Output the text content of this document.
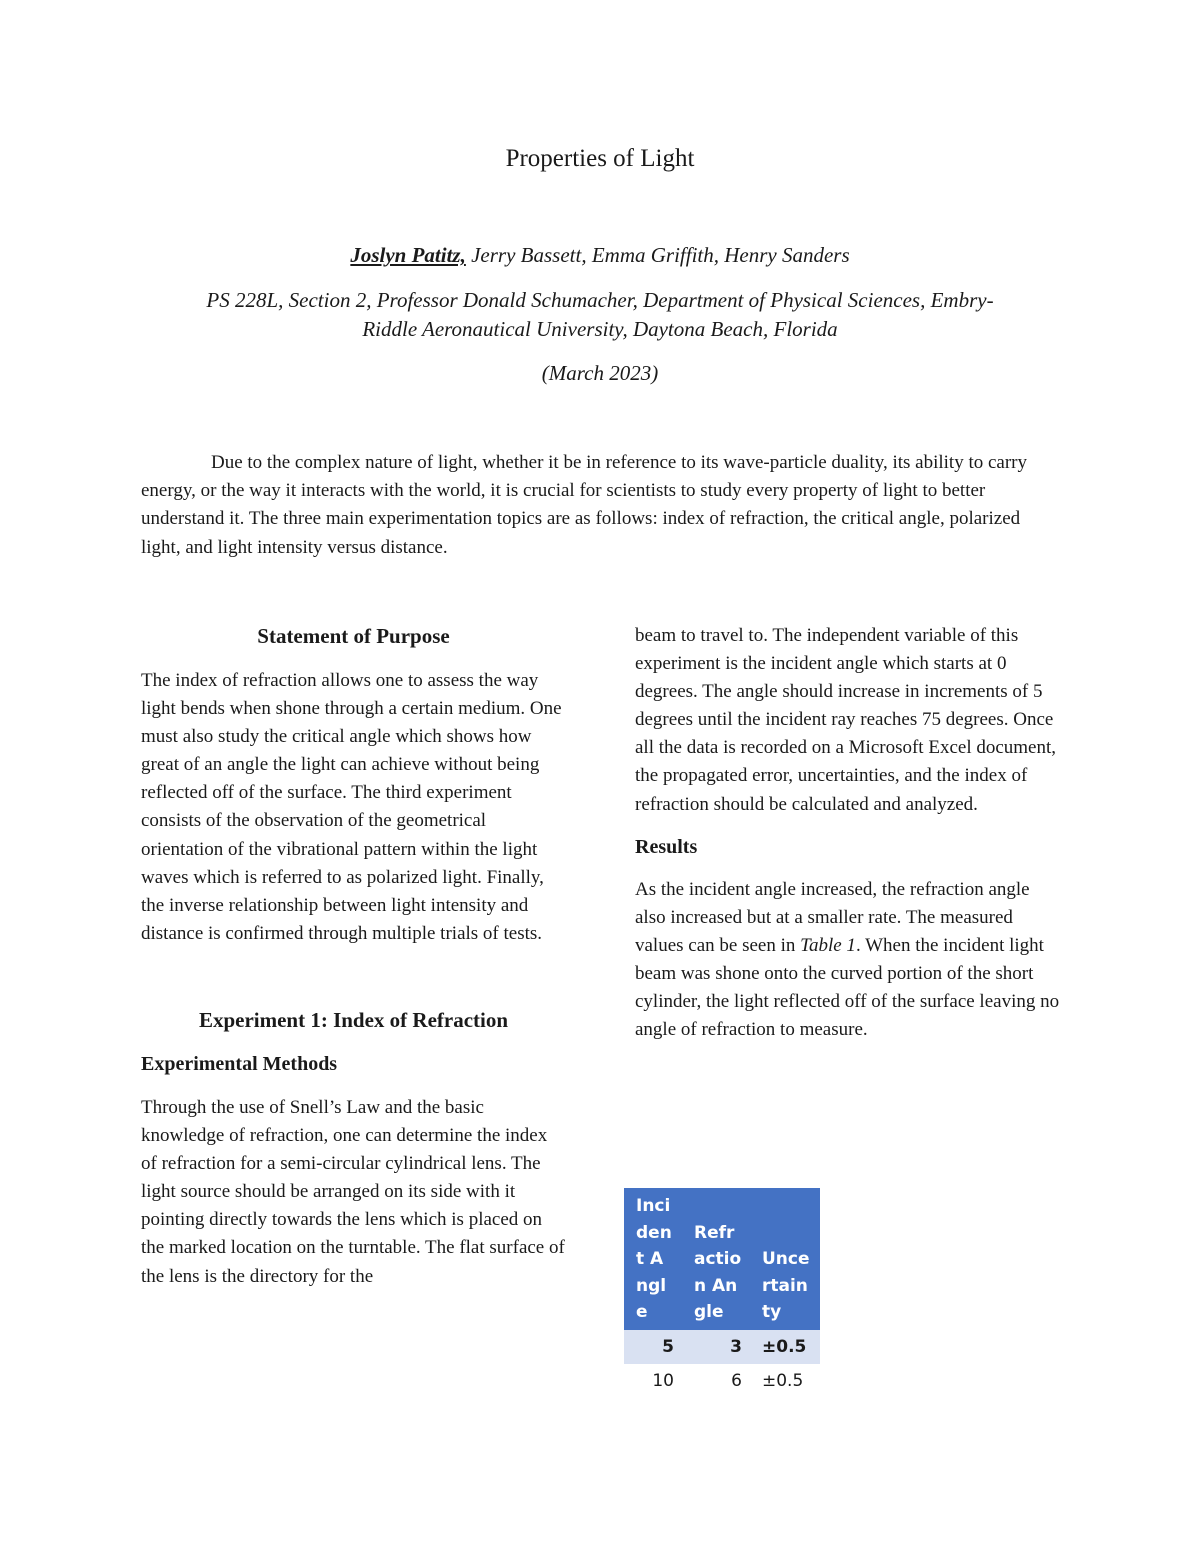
Properties of Light

Joslyn Patitz, Jerry Bassett, Emma Griffith, Henry Sanders

PS 228L, Section 2, Professor Donald Schumacher, Department of Physical Sciences, Embry-
Riddle Aeronautical University, Daytona Beach, Florida

(March 2023)

Due to the complex nature of light, whether it be in reference to its wave-particle duality, its ability to carry energy, or the way it interacts with the world, it is crucial for scientists to study every property of light to better understand it. The three main experimentation topics are as follows: index of refraction, the critical angle, polarized light, and light intensity versus distance.

Statement of Purpose

The index of refraction allows one to assess the way light bends when shone through a certain medium. One must also study the critical angle which shows how great of an angle the light can achieve without being reflected off of the surface. The third experiment consists of the observation of the geometrical orientation of the vibrational pattern within the light waves which is referred to as polarized light. Finally, the inverse relationship between light intensity and distance is confirmed through multiple trials of tests.

Experiment 1: Index of Refraction

Experimental Methods

Through the use of Snell’s Law and the basic knowledge of refraction, one can determine the index of refraction for a semi-circular cylindrical lens. The light source should be arranged on its side with it pointing directly towards the lens which is placed on the marked location on the turntable. The flat surface of the lens is the directory for the

beam to travel to. The independent variable of this experiment is the incident angle which starts at 0 degrees. The angle should increase in increments of 5 degrees until the incident ray reaches 75 degrees. Once all the data is recorded on a Microsoft Excel document, the propagated error, uncertainties, and the index of refraction should be calculated and analyzed.

Results

As the incident angle increased, the refraction angle also increased but at a smaller rate. The measured values can be seen in Table 1. When the incident light beam was shone onto the curved portion of the short cylinder, the light reflected off of the surface leaving no angle of refraction to measure.

Incident Angle	Refraction Angle	Uncertainty
5	3	±0.5
10	6	±0.5
